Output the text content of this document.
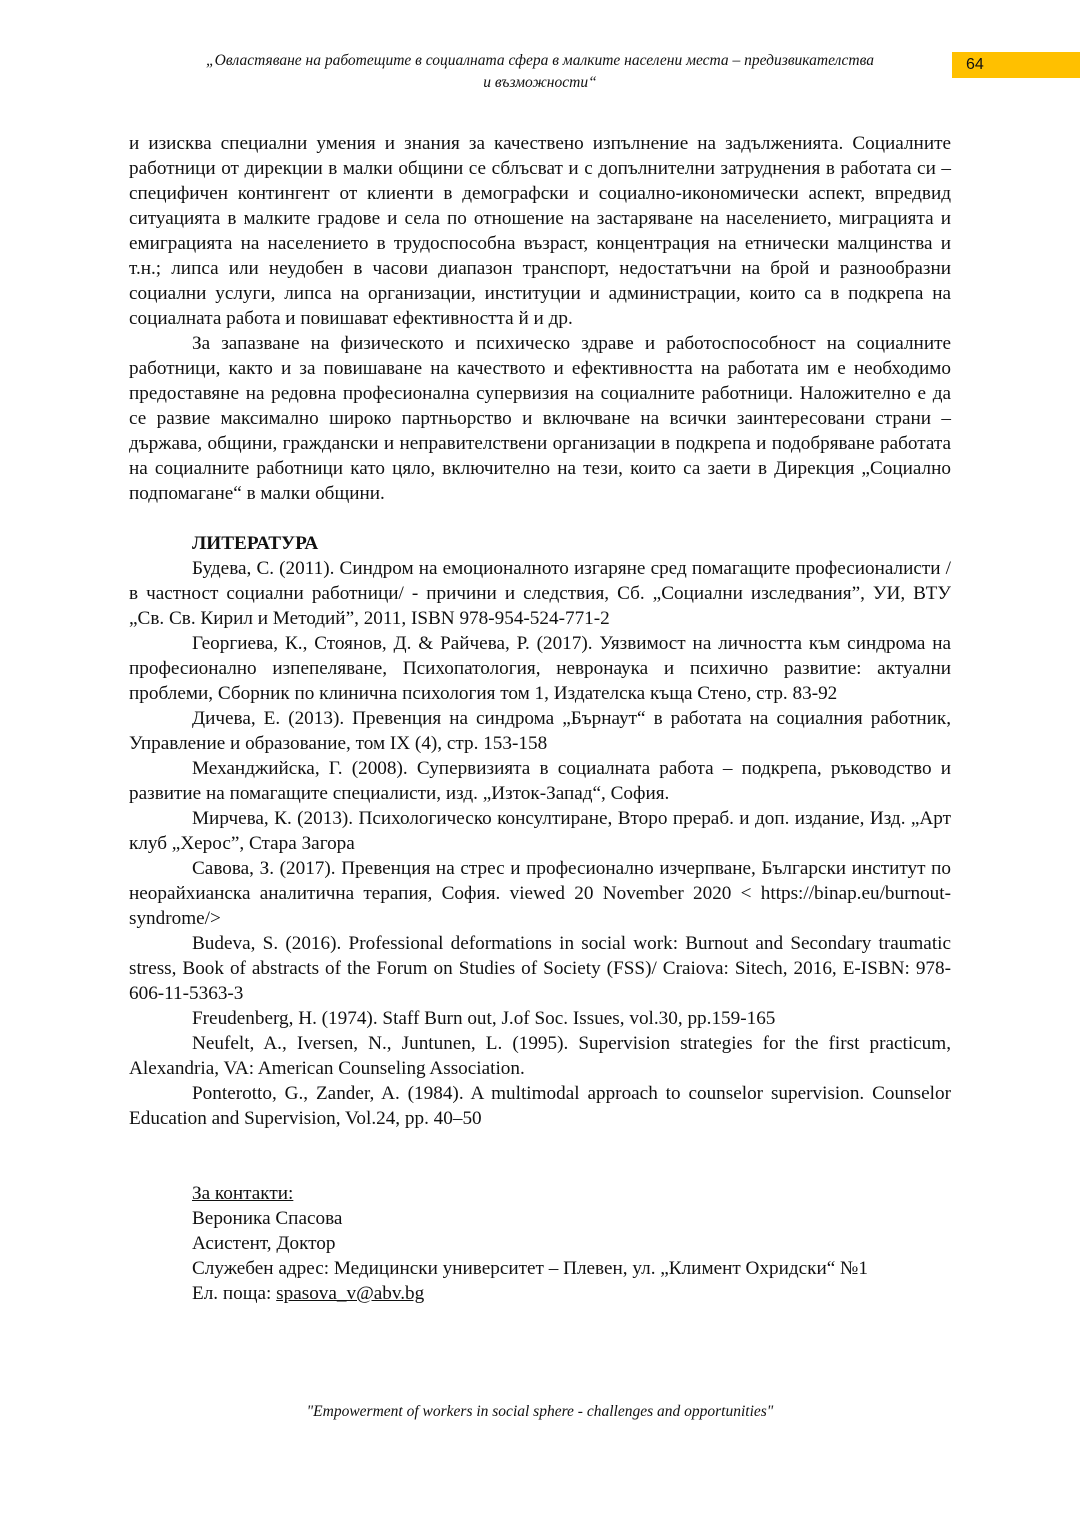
„Овластяване на работещите в социалната сфера в малките населени места – предизвикателства
и възможности“
64

и изисква специални умения и знания за качествено изпълнение на задълженията. Социалните работници от дирекции в малки общини се сблъсват и с допълнителни затруднения в работата си – специфичен контингент от клиенти в демографски и социално-икономически аспект, впредвид ситуацията в малките градове и села по отношение на застаряване на населението, миграцията и емиграцията на населението в трудоспособна възраст, концентрация на етнически малцинства и т.н.; липса или неудобен в часови диапазон транспорт, недостатъчни на брой и разнообразни социални услуги, липса на организации, институции и администрации, които са в подкрепа на социалната работа и повишават ефективността й и др.

За запазване на физическото и психическо здраве и работоспособност на социалните работници, както и за повишаване на качеството и ефективността на работата им е необходимо предоставяне на редовна професионална супервизия на социалните работници. Наложително е да се развие максимално широко партньорство и включване на всички заинтересовани страни – държава, общини, граждански и неправителствени организации в подкрепа и подобряване работата на социалните работници като цяло, включително на тези, които са заети в Дирекция „Социално подпомагане“ в малки общини.

ЛИТЕРАТУРА

Будева, С. (2011). Синдром на емоционалното изгаряне сред помагащите професионалисти /в частност социални работници/ - причини и следствия, Сб. „Социални изследвания”, УИ, ВТУ „Св. Св. Кирил и Методий”, 2011, ISBN 978-954-524-771-2

Георгиева, К., Стоянов, Д. & Райчева, Р. (2017). Уязвимост на личността към синдрома на професионално изпепеляване, Психопатология, невронаука и психично развитие: актуални проблеми, Сборник по клинична психология том 1, Издателска къща Стено, стр. 83-92

Дичева, Е. (2013). Превенция на синдрома „Бърнаут“ в работата на социалния работник, Управление и образование, том IX (4), стр. 153-158

Механджийска, Г. (2008). Супервизията в социалната работа – подкрепа, ръководство и развитие на помагащите специалисти, изд. „Изток-Запад“, София.

Мирчева, К. (2013). Психологическо консултиране, Второ прераб. и доп. издание, Изд. „Арт клуб „Херос”, Стара Загора

Савова, З. (2017). Превенция на стрес и професионално изчерпване, Български институт по неорайхианска аналитична терапия, София. viewed 20 November 2020 < https://binap.eu/burnout-syndrome/>

Budeva, S. (2016). Professional deformations in social work: Burnout and Secondary traumatic stress, Book of abstracts of the Forum on Studies of Society (FSS)/ Craiova: Sitech, 2016, E-ISBN: 978-606-11-5363-3

Freudenberg, H. (1974). Staff Burn out, J.of Soc. Issues, vol.30, pp.159-165

Neufelt, A., Iversen, N., Juntunen, L. (1995). Supervision strategies for the first practicum, Alexandria, VA: American Counseling Association.

Ponterotto, G., Zander, A. (1984). A multimodal approach to counselor supervision. Counselor Education and Supervision, Vol.24, pp. 40–50

За контакти:

Вероника Спасова

Асистент, Доктор

Служебен адрес: Медицински университет – Плевен, ул. „Климент Охридски“ №1

Ел. поща: spasova_v@abv.bg

"Empowerment of workers in social sphere - challenges and opportunities"
